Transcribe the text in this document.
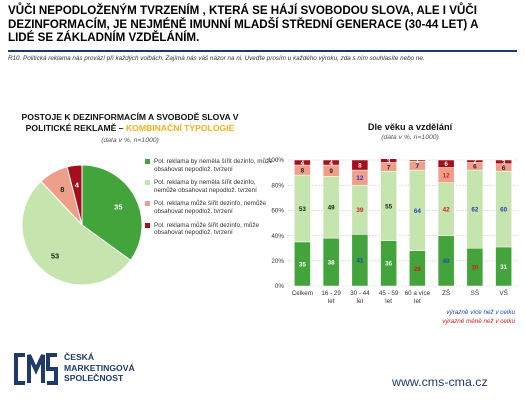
VŮČI NEPODLOŽENÝM TVRZENÍM , KTERÁ SE HÁJÍ SVOBODOU SLOVA, ALE I VŮČI DEZINFORMACÍM, JE NEJMÉNĚ IMUNNÍ MLADŠÍ STŘEDNÍ GENERACE (30-44 LET) A LIDÉ SE ZÁKLADNÍM VZDĚLÁNÍM.
R10. Politická reklama nás provází při každých volbách. Zajímá nás váš názor na ni. Uveďte prosím u každého výroku, zda s ním souhlasíte nebo ne.
POSTOJE K DEZINFORMACÍM A SVOBODĚ SLOVA V POLITICKÉ REKLAMĚ – KOMBINAČNÍ TYPOLOGIE
(data v %, n=1000)
35
53
8
4
Pol. reklama by neměla šířit dezinfo, může obsahovat nepodlož. tvrzení
Pol. reklama by neměla šířit dezinfo, nemůže obsahovat nepodlož. tvrzení
Pol. reklama může šířit dezinfo, nemůže obsahovat nepodlož. tvrzení
Pol. reklama může šířit dezinfo, může obsahovat nepodlož. tvrzení
Dle věku a vzdělání
(data v %, n=1000)
0%
20%
40%
60%
80%
100%
35
53
8
4
Celkem
38
49
9
4
16 - 29 let
41
39
12
8
30 - 44 let
36
55
7
3
45 - 59 let
28
64
7
1
60 a více let
40
42
12
6
ZŠ
30
62
6
2
SŠ
31
60
6
3
VŠ
výrazně více než v celku
výrazně méně než v celku
ČESKÁ
MARKETINGOVÁ
SPOLEČNOST	www.cms-cma.cz
